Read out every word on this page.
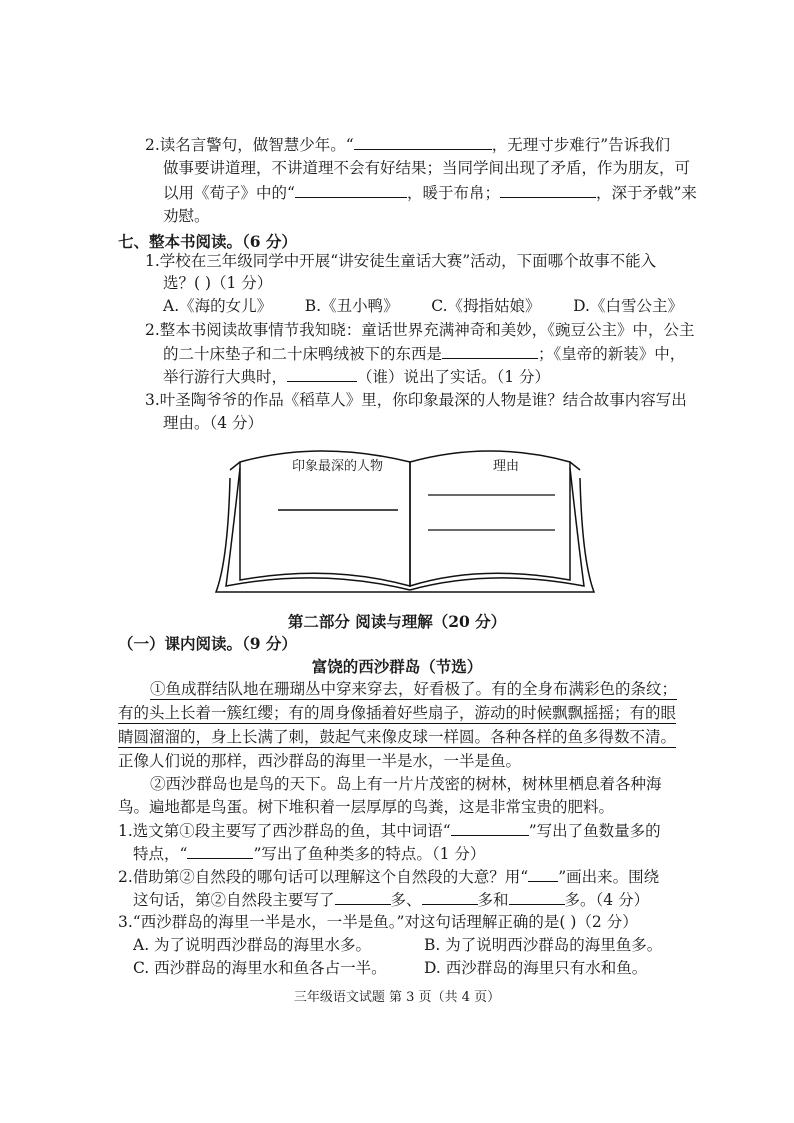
2.读名言警句，做智慧少年。“	，无理寸步难行”告诉我们
做事要讲道理，不讲道理不会有好结果；当同学间出现了矛盾，作为朋友，可
以用《荀子》中的“	，暖于布帛；	，深于矛戟”来
劝慰。
七、整本书阅读。（6 分）
1.学校在三年级同学中开展“讲安徒生童话大赛”活动，下面哪个故事不能入
选？( )（1 分）
A.《海的女儿》 B.《丑小鸭》 C.《拇指姑娘》 D.《白雪公主》
2.整本书阅读故事情节我知晓：童话世界充满神奇和美妙，《豌豆公主》中，公主
的二十床垫子和二十床鸭绒被下的东西是	；《皇帝的新装》中，
举行游行大典时，	（谁）说出了实话。（1 分）
3.叶圣陶爷爷的作品《稻草人》里，你印象最深的人物是谁？结合故事内容写出
理由。（4 分）
印象最深的人物	理由
第二部分 阅读与理解（20 分）
（一）课内阅读。（9 分）
富饶的西沙群岛（节选）
①鱼成群结队地在珊瑚丛中穿来穿去，好看极了。有的全身布满彩色的条纹；
有的头上长着一簇红缨；有的周身像插着好些扇子，游动的时候飘飘摇摇；有的眼
睛圆溜溜的，身上长满了刺，鼓起气来像皮球一样圆。各种各样的鱼多得数不清。
正像人们说的那样，西沙群岛的海里一半是水，一半是鱼。
②西沙群岛也是鸟的天下。岛上有一片片茂密的树林，树林里栖息着各种海
鸟。遍地都是鸟蛋。树下堆积着一层厚厚的鸟粪，这是非常宝贵的肥料。
1.选文第①段主要写了西沙群岛的鱼，其中词语“	”写出了鱼数量多的
特点，“	”写出了鱼种类多的特点。（1 分）
2.借助第②自然段的哪句话可以理解这个自然段的大意？用“ ”画出来。围绕
这句话，第②自然段主要写了	多、	多和	多。（4 分）
3.“西沙群岛的海里一半是水，一半是鱼。”对这句话理解正确的是( )（2 分）
A. 为了说明西沙群岛的海里水多。	B. 为了说明西沙群岛的海里鱼多。
C. 西沙群岛的海里水和鱼各占一半。 D. 西沙群岛的海里只有水和鱼。
三年级语文试题 第 3 页（共 4 页）
